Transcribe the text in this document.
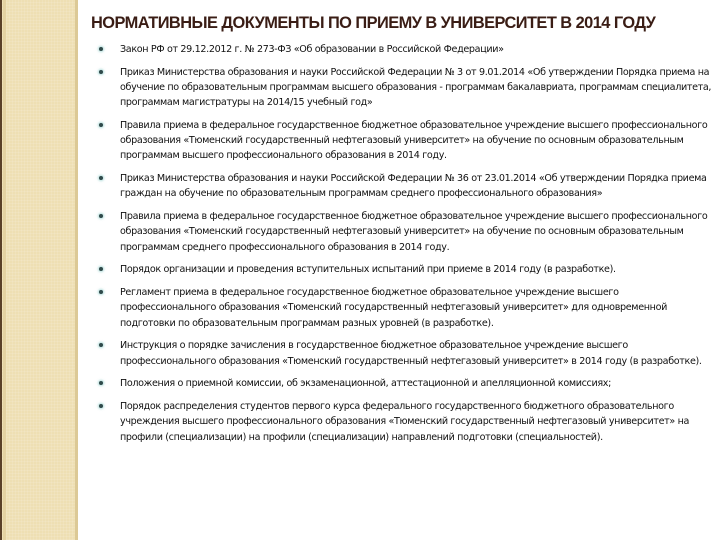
НОРМАТИВНЫЕ ДОКУМЕНТЫ ПО ПРИЕМУ В УНИВЕРСИТЕТ В 2014 ГОДУ
Закон РФ от 29.12.2012 г. № 273-ФЗ «Об образовании в Российской Федерации»
Приказ Министерства образования и науки Российской Федерации № 3 от 9.01.2014 «Об утверждении Порядка приема на обучение по образовательным программам высшего образования - программам бакалавриата, программам специалитета, программам магистратуры на 2014/15 учебный год»
Правила приема в федеральное государственное бюджетное образовательное учреждение высшего профессионального образования «Тюменский государственный нефтегазовый университет» на обучение по основным образовательным программам высшего профессионального образования в 2014 году.
Приказ Министерства образования и науки Российской Федерации № 36 от 23.01.2014 «Об утверждении Порядка приема граждан на обучение по образовательным программам среднего профессионального образования»
Правила приема в федеральное государственное бюджетное образовательное учреждение высшего профессионального образования «Тюменский государственный нефтегазовый университет» на обучение по основным образовательным программам среднего профессионального образования в 2014 году.
Порядок организации и проведения вступительных испытаний при приеме в 2014 году (в разработке).
Регламент приема в федеральное государственное бюджетное образовательное учреждение высшего профессионального образования «Тюменский государственный нефтегазовый университет» для одновременной подготовки по образовательным программам разных уровней (в разработке).
Инструкция о порядке зачисления в государственное бюджетное образовательное учреждение высшего профессионального образования «Тюменский государственный нефтегазовый университет» в 2014 году (в разработке).
Положения о приемной комиссии, об экзаменационной, аттестационной и апелляционной комиссиях;
Порядок распределения студентов первого курса федерального государственного бюджетного образовательного учреждения высшего профессионального образования «Тюменский государственный нефтегазовый университет» на профили (специализации) на профили (специализации) направлений подготовки (специальностей).
